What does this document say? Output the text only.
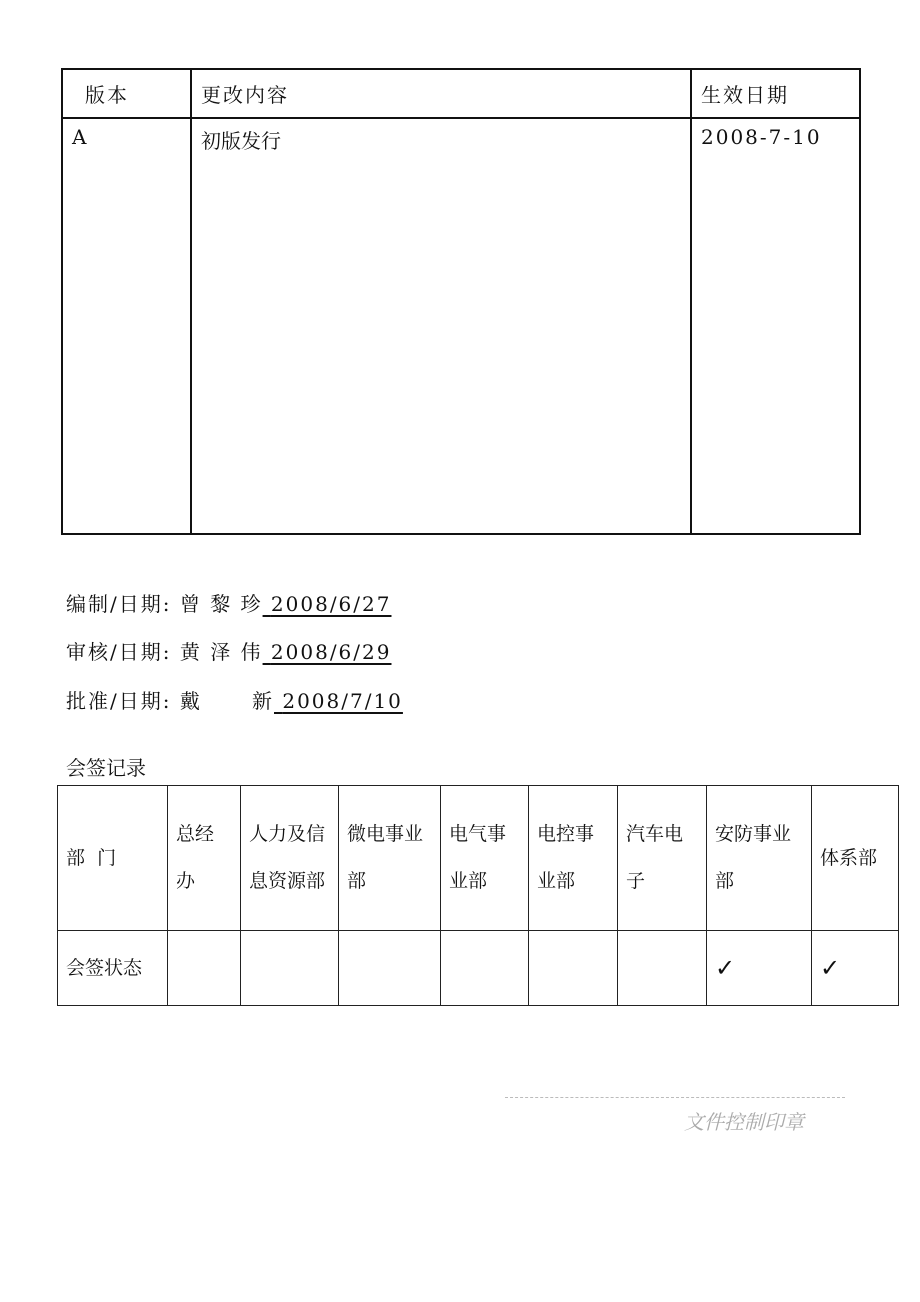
版本	更改内容	生效日期

A	初版发行	2008-7-10
编制/日期: 曾 黎 珍 2008/6/27
审核/日期: 黄 泽 伟 2008/6/29
批准/日期: 戴      新 2008/7/10
会签记录
部  门	总经办	人力及信息资源部	微电事业部	电气事业部	电控事业部	汽车电子	安防事业部	体系部
会签状态							✓	✓
文件控制印章
